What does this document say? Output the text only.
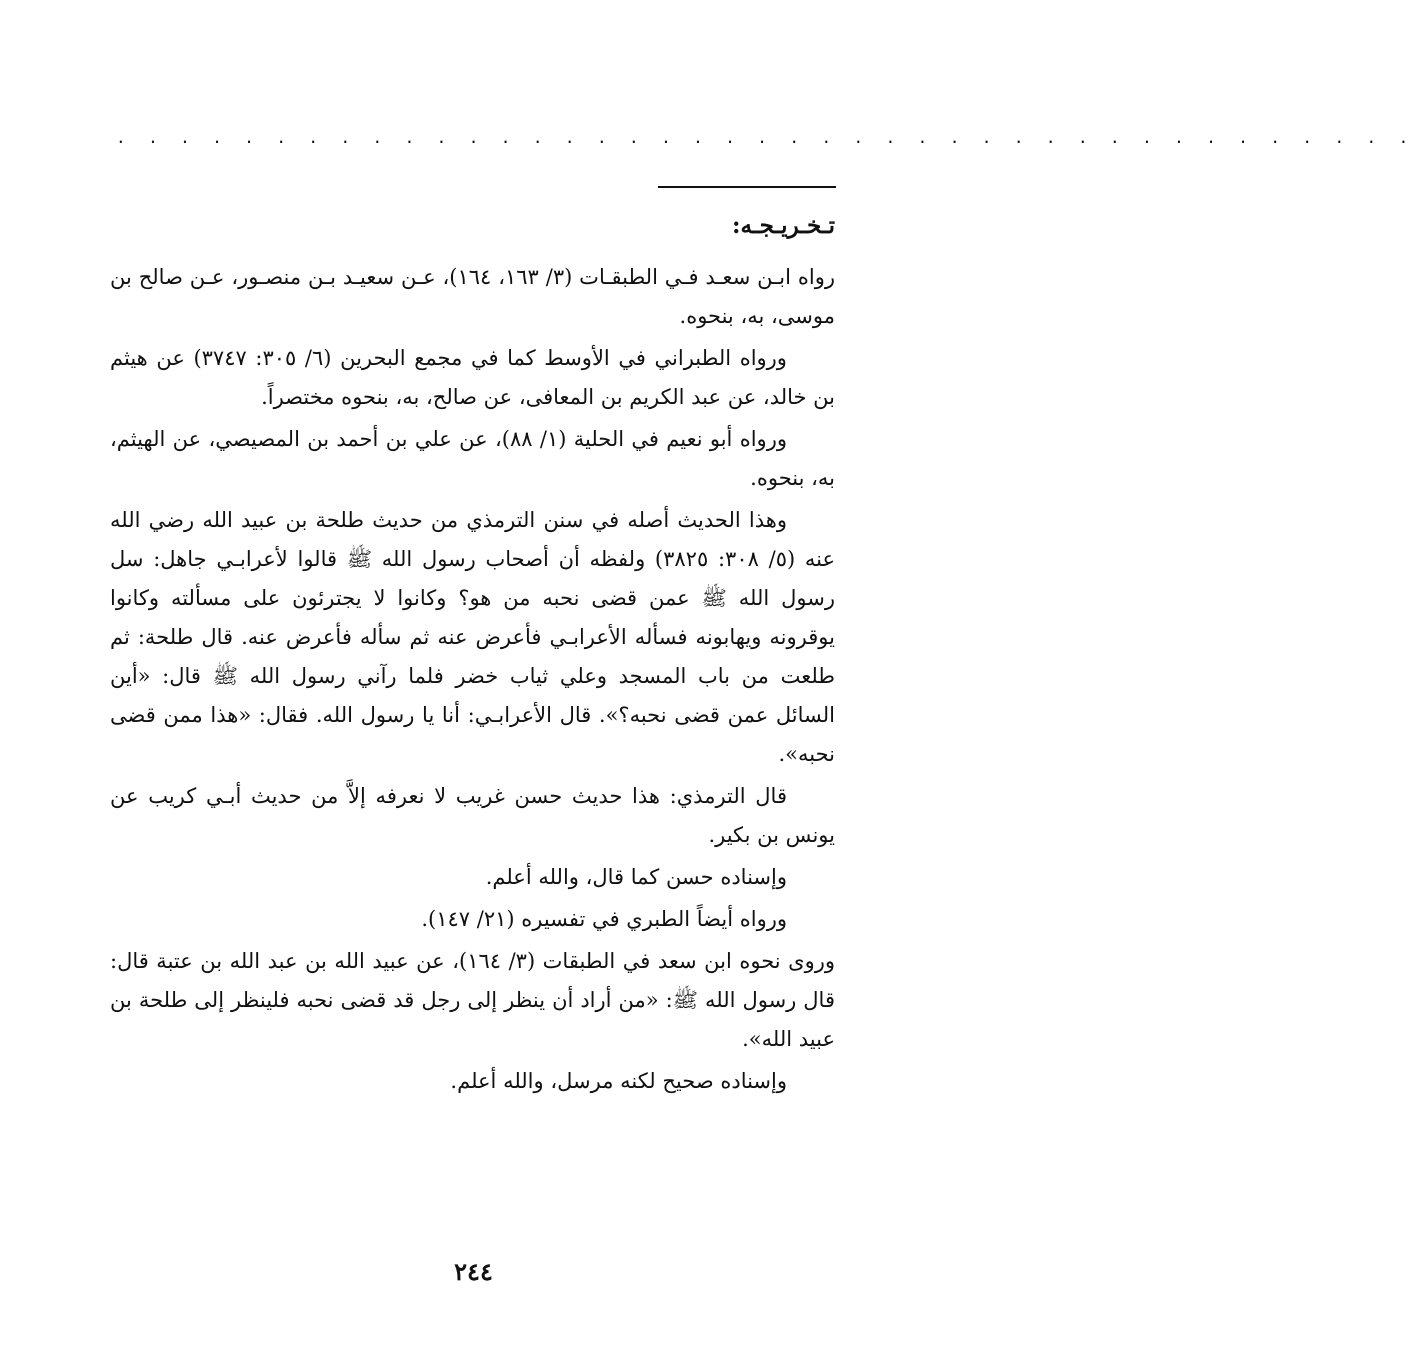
. . . . . . . . . . . . . . . . . . . . . . . . . . . . . . . . . . . . . . . . .
تـخـريـجـه:

رواه ابـن سعـد فـي الطبقـات (٣/ ١٦٣، ١٦٤)، عـن سعيـد بـن منصـور، عـن صالح بن موسى، به، بنحوه.

ورواه الطبراني في الأوسط كما في مجمع البحرين (٦/ ٣٠٥: ٣٧٤٧) عن هيثم بن خالد، عن عبد الكريم بن المعافى، عن صالح، به، بنحوه مختصراً.

ورواه أبو نعيم في الحلية (١/ ٨٨)، عن علي بن أحمد بن المصيصي، عن الهيثم، به، بنحوه.

وهذا الحديث أصله في سنن الترمذي من حديث طلحة بن عبيد الله رضي الله عنه (٥/ ٣٠٨: ٣٨٢٥) ولفظه أن أصحاب رسول الله ﷺ قالوا لأعرابـي جاهل: سل رسول الله ﷺ عمن قضى نحبه من هو؟ وكانوا لا يجترئون على مسألته وكانوا يوقرونه ويهابونه فسأله الأعرابـي فأعرض عنه ثم سأله فأعرض عنه. قال طلحة: ثم طلعت من باب المسجد وعلي ثياب خضر فلما رآني رسول الله ﷺ قال: «أين السائل عمن قضى نحبه؟». قال الأعرابـي: أنا يا رسول الله. فقال: «هذا ممن قضى نحبه».

قال الترمذي: هذا حديث حسن غريب لا نعرفه إلاَّ من حديث أبـي كريب عن يونس بن بكير.

وإسناده حسن كما قال، والله أعلم.

ورواه أيضاً الطبري في تفسيره (٢١/ ١٤٧).

وروى نحوه ابن سعد في الطبقات (٣/ ١٦٤)، عن عبيد الله بن عبد الله بن عتبة قال: قال رسول الله ﷺ: «من أراد أن ينظر إلى رجل قد قضى نحبه فلينظر إلى طلحة بن عبيد الله».

وإسناده صحيح لكنه مرسل، والله أعلم.

٢٤٤
